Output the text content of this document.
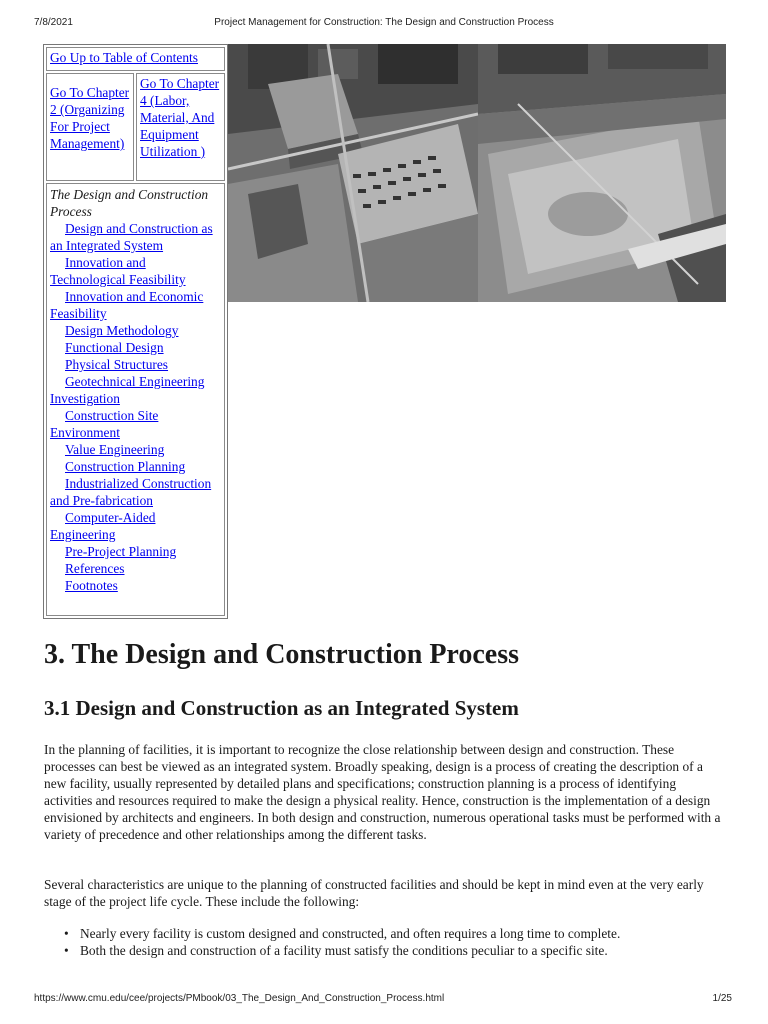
7/8/2021	Project Management for Construction: The Design and Construction Process
Go Up to Table of Contents
Go To Chapter 2 (Organizing For Project Management)
Go To Chapter 4 (Labor, Material, And Equipment Utilization )
The Design and Construction Process
Design and Construction as an Integrated System
Innovation and Technological Feasibility
Innovation and Economic Feasibility
Design Methodology
Functional Design
Physical Structures
Geotechnical Engineering Investigation
Construction Site Environment
Value Engineering
Construction Planning
Industrialized Construction and Pre-fabrication
Computer-Aided Engineering
Pre-Project Planning
References
Footnotes
3. The Design and Construction Process
3.1 Design and Construction as an Integrated System

In the planning of facilities, it is important to recognize the close relationship between design and construction. These processes can best be viewed as an integrated system. Broadly speaking, design is a process of creating the description of a new facility, usually represented by detailed plans and specifications; construction planning is a process of identifying activities and resources required to make the design a physical reality. Hence, construction is the implementation of a design envisioned by architects and engineers. In both design and construction, numerous operational tasks must be performed with a variety of precedence and other relationships among the different tasks.

Several characteristics are unique to the planning of constructed facilities and should be kept in mind even at the very early stage of the project life cycle. These include the following:

• Nearly every facility is custom designed and constructed, and often requires a long time to complete.
• Both the design and construction of a facility must satisfy the conditions peculiar to a specific site.
https://www.cmu.edu/cee/projects/PMbook/03_The_Design_And_Construction_Process.html	1/25
